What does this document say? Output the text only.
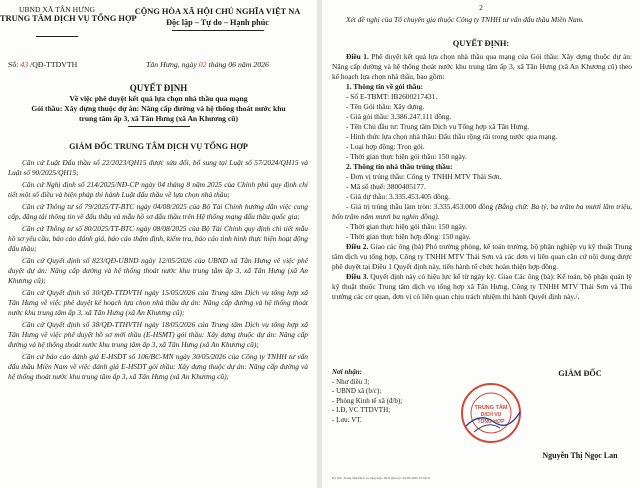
UBND XÃ TÂN HƯNG
TRUNG TÂM DỊCH VỤ TỔNG HỢP
Số: 43 /QĐ-TTDVTH
CỘNG HÒA XÃ HỘI CHỦ NGHĨA VIỆT NA
Độc lập – Tự do – Hạnh phúc
Tân Hưng, ngày 02 tháng 06 năm 2026
QUYẾT ĐỊNH
Về việc phê duyệt kết quả lựa chọn nhà thầu qua mạng
Gói thầu: Xây dựng thuộc dự án: Nâng cấp đường và hệ thống thoát nước khu
trung tâm ấp 3, xã Tân Hưng (xã An Khương cũ)
GIÁM ĐỐC TRUNG TÂM DỊCH VỤ TỔNG HỢP

Căn cứ Luật Đấu thầu số 22/2023/QH15 được sửa đổi, bổ sung tại Luật số 57/2024/QH15 và Luật số 90/2025/QH15;

Căn cứ Nghị định số 214/2025/NĐ-CP ngày 04 tháng 8 năm 2025 của Chính phủ quy định chi tiết một số điều và biện pháp thi hành Luật đấu thầu về lựa chọn nhà thầu;

Căn cứ Thông tư số 79/2025/TT-BTC ngày 04/08/2025 của Bộ Tài Chính hướng dẫn việc cung cấp, đăng tải thông tin về đấu thầu và mẫu hồ sơ đấu thầu trên Hệ thống mạng đấu thầu quốc gia;

Căn cứ Thông tư số 80/2025/TT-BTC ngày 08/08/2025 của Bộ Tài Chính quy định chi tiết mẫu hồ sơ yêu cầu, báo cáo đánh giá, báo cáo thẩm định, kiểm tra, báo cáo tình hình thực hiện hoạt động đấu thầu;

Căn cứ Quyết định số 823/QĐ-UBND ngày 12/05/2026 của UBND xã Tân Hưng về việc phê duyệt dự án: Nâng cấp đường và hệ thống thoát nước khu trung tâm ấp 3, xã Tân Hưng (xã An Khương cũ);

Căn cứ Quyết định số 30/QĐ-TTDVTH ngày 15/05/2026 của Trung tâm Dịch vụ tổng hợp xã Tân Hưng về việc phê duyệt kế hoạch lựa chọn nhà thầu dự án: Nâng cấp đường và hệ thống thoát nước khu trung tâm ấp 3, xã Tân Hưng (xã An Khương cũ);

Căn cứ Quyết định số 38/QĐ-TTHVTH ngày 18/05/2026 của Trung tâm Dịch vụ tổng hợp xã Tân Hưng về việc phê duyệt hồ sơ mời thầu (E-HSMT) gói thầu: Xây dựng thuộc dự án: Nâng cấp đường và hệ thống thoát nước khu trung tâm ấp 3, xã Tân Hưng (xã An Khương cũ);

Căn cứ báo cáo đánh giá E-HSDT số 106/BC-MN ngày 30/05/2026 của Công ty TNHH tư vấn đấu thầu Miền Nam về việc đánh giá E-HSDT gói thầu: Xây dựng thuộc dự án: Nâng cấp đường và hệ thống thoát nước khu trung tâm ấp 3, xã Tân Hưng (xã An Khương cũ);

2

Xét đề nghị của Tổ chuyên gia thuộc Công ty TNHH tư vấn đấu thầu Miền Nam.

QUYẾT ĐỊNH:

Điều 1. Phê duyệt kết quả lựa chọn nhà thầu qua mạng của Gói thầu: Xây dựng thuộc dự án: Nâng cấp đường và hệ thống thoát nước khu trung tâm ấp 3, xã Tân Hưng (xã An Khương cũ) theo kế hoạch lựa chọn nhà thầu, bao gồm:

1. Thông tin về gói thầu:

- Số E-TBMT: IB2600217431.

- Tên Gói thầu: Xây dựng.

- Giá gói thầu: 3.386.247.111 đồng.

- Tên Chủ đầu tư: Trung tâm Dịch vụ Tổng hợp xã Tân Hưng.

- Hình thức lựa chọn nhà thầu: Đấu thầu rộng rãi trong nước qua mạng.

- Loại hợp đồng: Trọn gói.

- Thời gian thực hiện gói thầu: 150 ngày.

2. Thông tin nhà thầu trúng thầu:

- Đơn vị trúng thầu: Công ty TNHH MTV Thái Sơn.

- Mã số thuế: 3800405177.

- Giá dự thầu: 3.335.453.405 đồng.

- Giá trị trúng thầu làm tròn: 3.335.453.000 đồng (Bằng chữ: Ba tỷ, ba trăm ba mươi lăm triệu, bốn trăm năm mươi ba nghìn đồng).

- Thời gian thực hiện gói thầu: 150 ngày.

- Thời gian thực hiện hợp đồng: 150 ngày.

Điều 2. Giao các ông (bà) Phó trưởng phòng, kế toán trưởng, bộ phận nghiệp vụ kỹ thuật Trung tâm dịch vụ tổng hợp, Công ty TNHH MTV Thái Sơn và các đơn vị liên quan căn cứ nội dung được phê duyệt tại Điều 1 Quyết định này, tiến hành tổ chức hoàn thiện hợp đồng.

Điều 3. Quyết định này có hiệu lực kể từ ngày ký. Giao Các ông (bà): Kế toán, bộ phận quản lý kỹ thuật thuộc Trung tâm dịch vụ tổng hợp xã Tân Hưng, Công ty TNHH MTV Thái Sơn và Thủ trưởng các cơ quan, đơn vị có liên quan chịu trách nhiệm thi hành Quyết định này./.

Nơi nhận:
- Như điều 3;
- UBND xã (b/c);
- Phòng Kinh tế xã (đ/b);
- LĐ, VC TTDVTH;
- Lưu: VT.
GIÁM ĐỐC
Nguyễn Thị Ngọc Lan
Ký bởi: Trung tâm Dịch vụ tổng hợp, Thời gian ký: 02.06.2026 10:00:11
TRUNG TÂM
DỊCH VỤ
TỔNG HỢP
